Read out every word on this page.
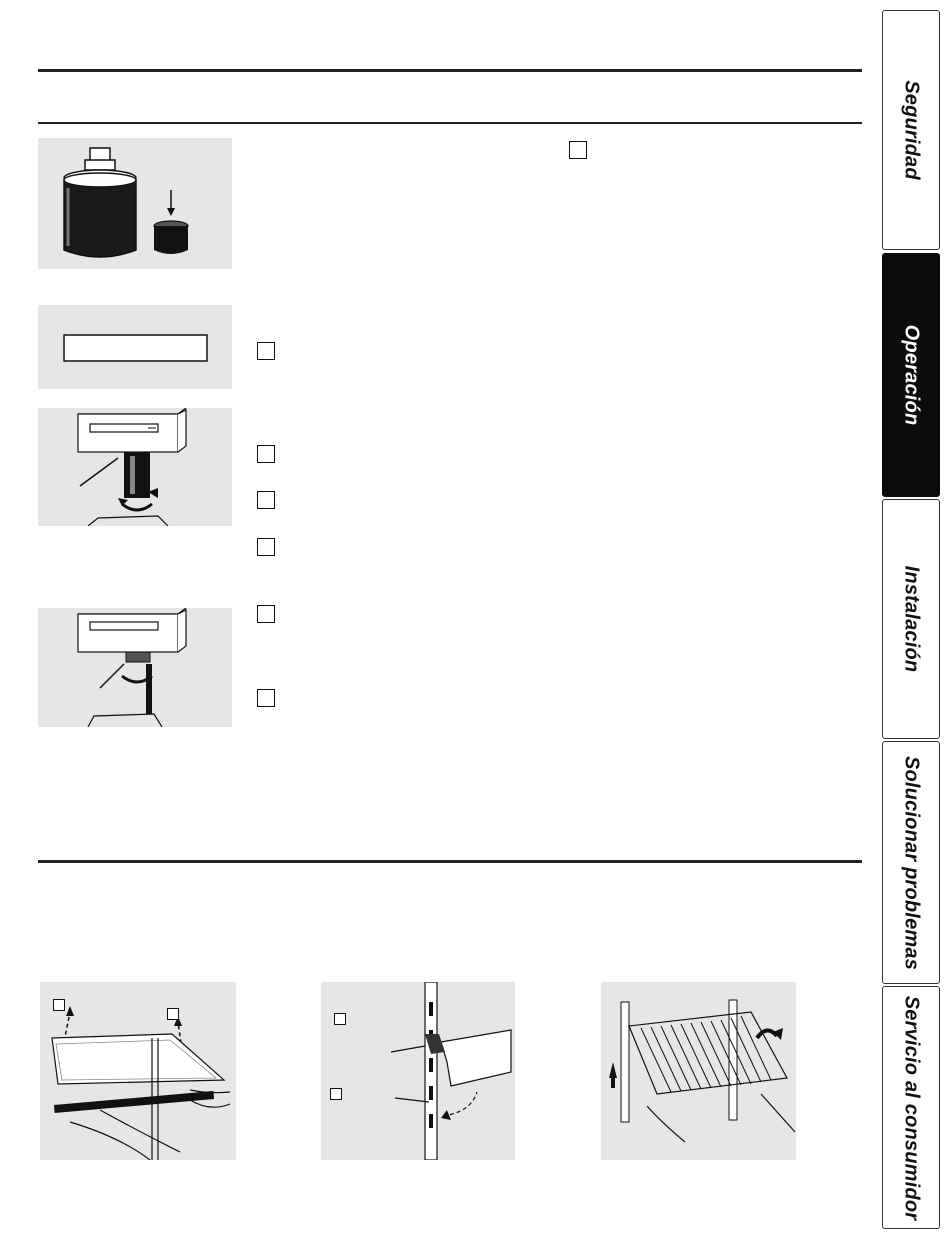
Seguridad
Operación
Instalación
Solucionar problemas
Servicio al consumidor
